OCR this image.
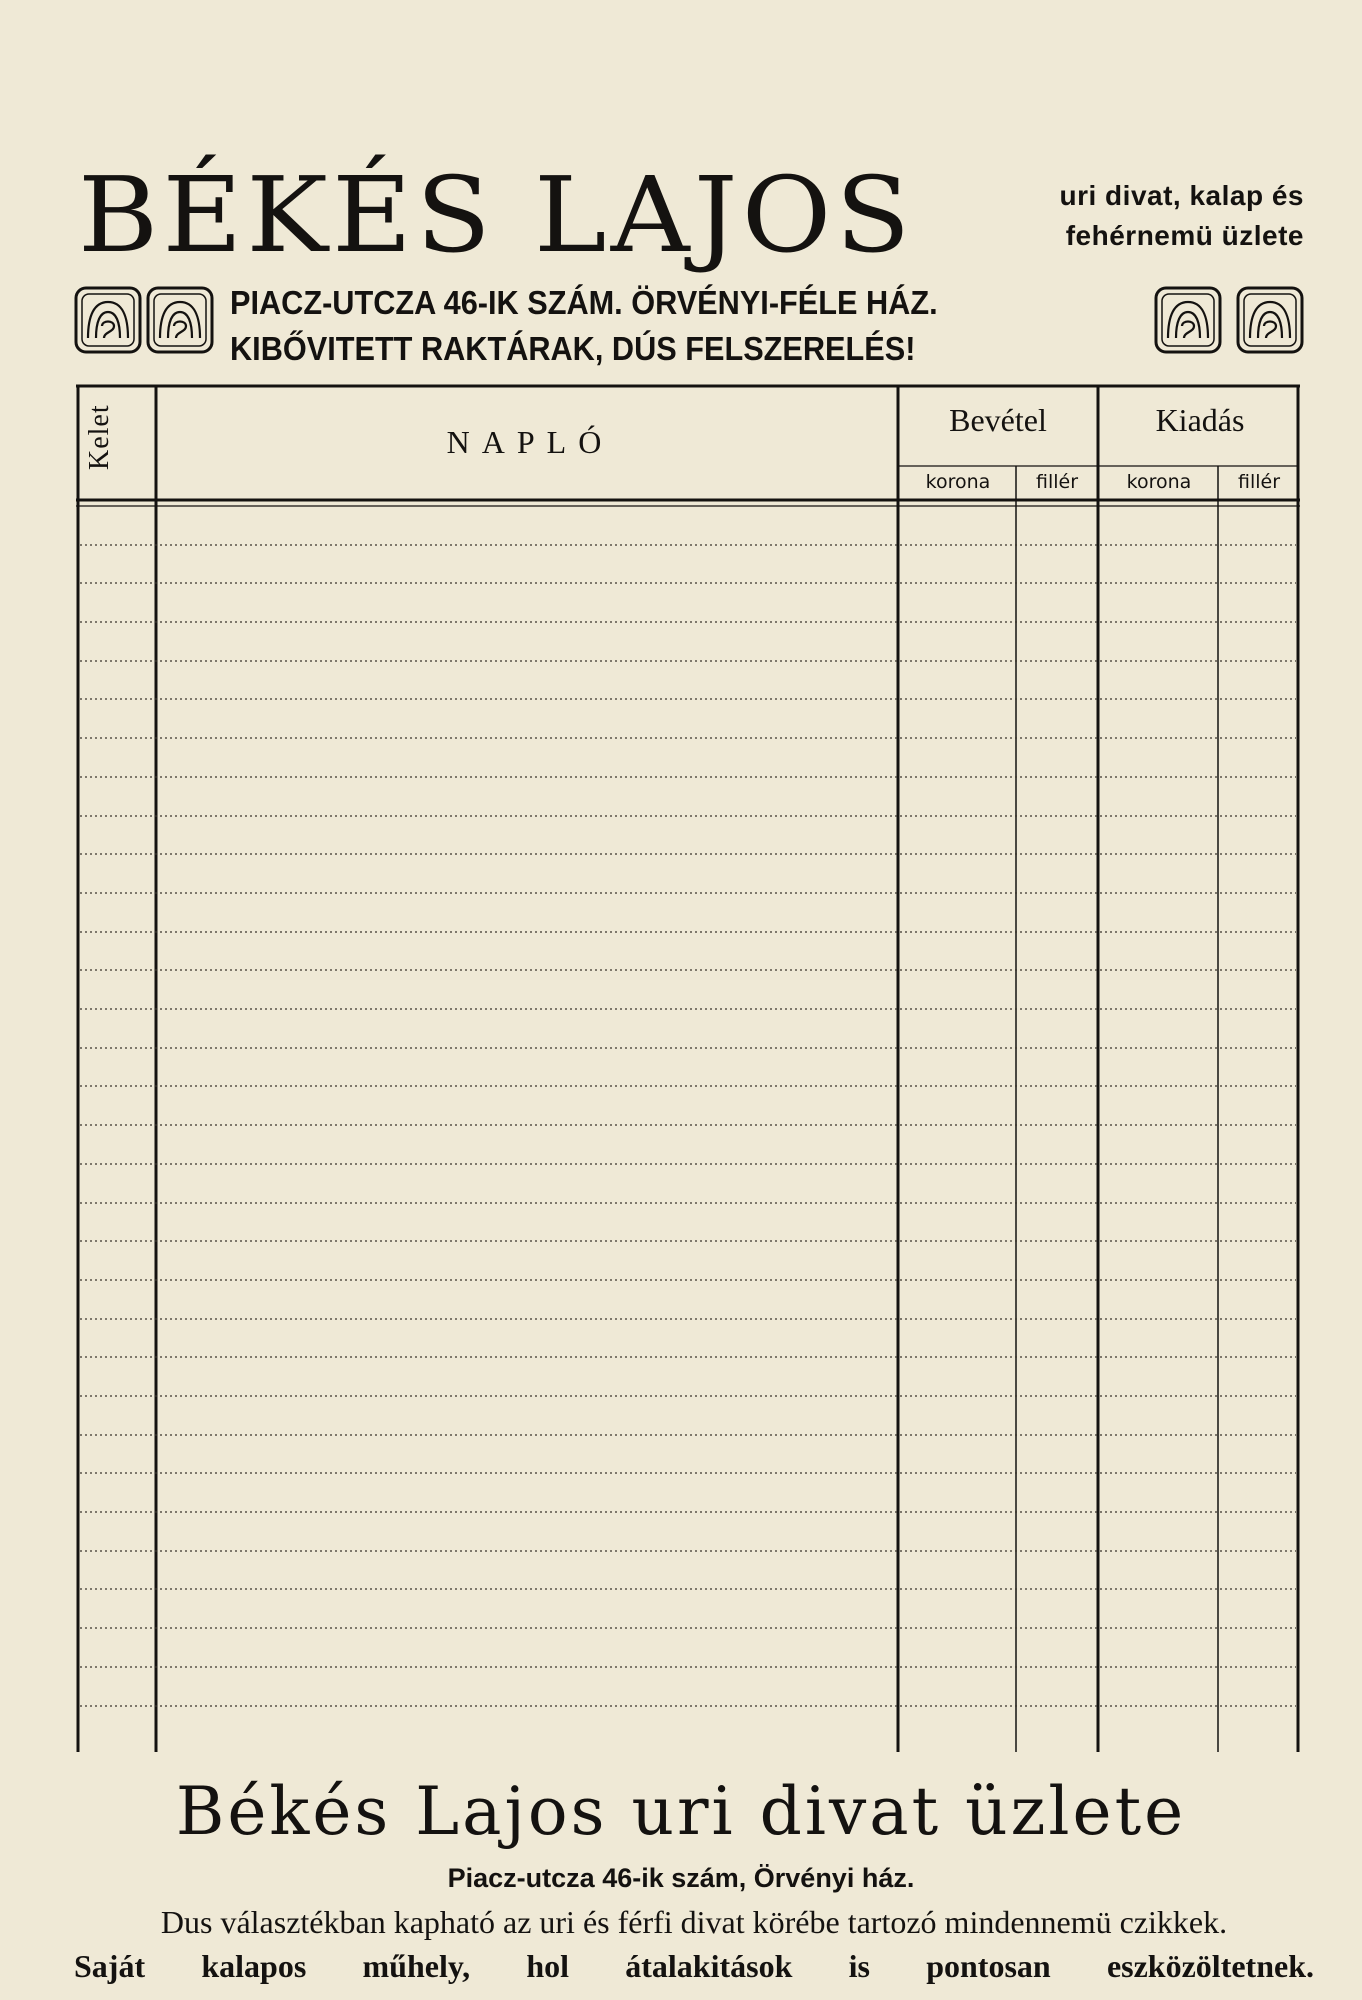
BÉKÉS LAJOS	uri divat, kalap és
fehérnemü üzlete
PIACZ-UTCZA 46-IK SZÁM. ÖRVÉNYI-FÉLE HÁZ.
KIBŐVITETT RAKTÁRAK, DÚS FELSZERELÉS!
Kelet	NAPLÓ
Bevétel	Kiadás
korona	fillér	korona	fillér
Békés Lajos uri divat üzlete
Piacz-utcza 46-ik szám, Örvényi ház.
Dus választékban kapható az uri és férfi divat körébe tartozó mindennemü czikkek.
Saját kalapos műhely, hol átalakitások is pontosan eszközöltetnek.
